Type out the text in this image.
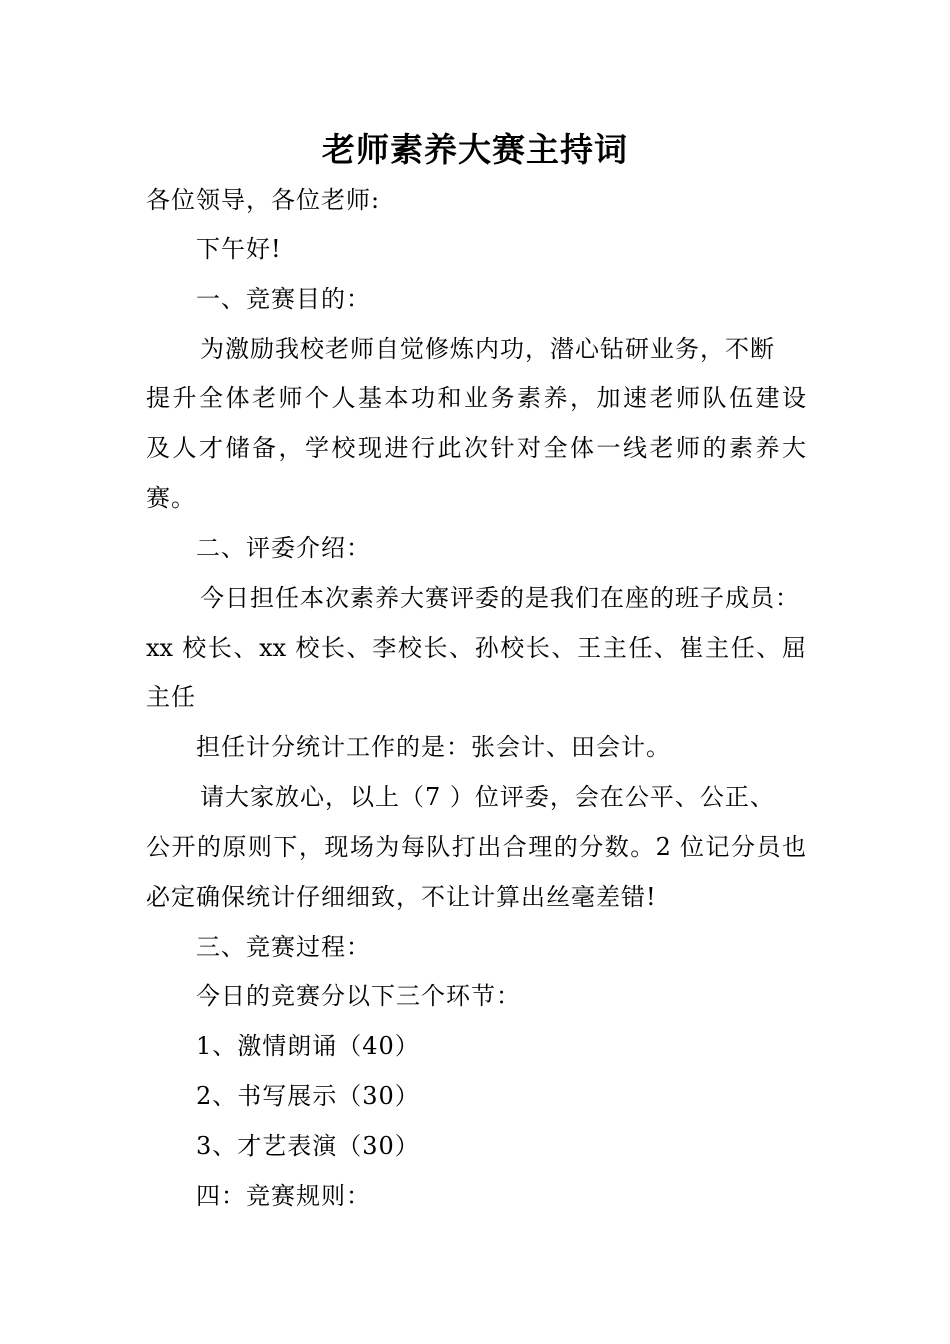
老师素养大赛主持词
各位领导，各位老师:
下午好!
一、竞赛目的：
为激励我校老师自觉修炼内功，潜心钻研业务，不断
提升全体老师个人基本功和业务素养，加速老师队伍建设
及人才储备，学校现进行此次针对全体一线老师的素养大
赛。
二、评委介绍：
今日担任本次素养大赛评委的是我们在座的班子成员：
xx 校长、xx 校长、李校长、孙校长、王主任、崔主任、屈
主任
担任计分统计工作的是：张会计、田会计。
请大家放心，以上（7 ）位评委，会在公平、公正、
公开的原则下，现场为每队打出合理的分数。2 位记分员也
必定确保统计仔细细致，不让计算出丝毫差错!
三、竞赛过程：
今日的竞赛分以下三个环节：
1、激情朗诵（40）
2、书写展示（30）
3、才艺表演（30）
四：竞赛规则：
